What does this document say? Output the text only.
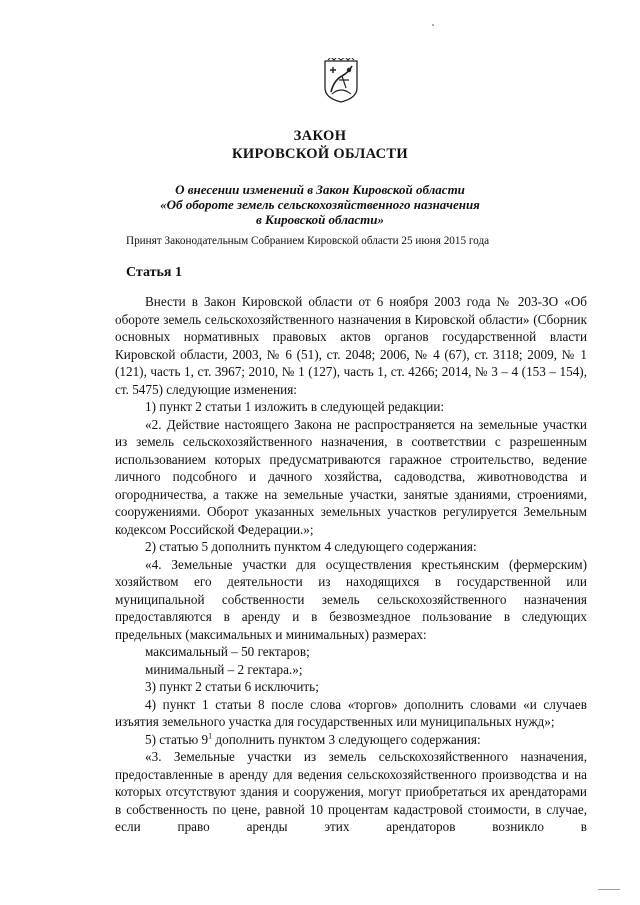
ЗАКОН
КИРОВСКОЙ ОБЛАСТИ
О внесении изменений в Закон Кировской области
«Об обороте земель сельскохозяйственного назначения
в Кировской области»
Принят Законодательным Собранием Кировской области 25 июня 2015 года
Статья 1

Внести в Закон Кировской области от 6 ноября 2003 года № 203-ЗО «Об обороте земель сельскохозяйственного назначения в Кировской области» (Сборник основных нормативных правовых актов органов государственной власти Кировской области, 2003, № 6 (51), ст. 2048; 2006, № 4 (67), ст. 3118; 2009, № 1 (121), часть 1, ст. 3967; 2010, № 1 (127), часть 1, ст. 4266; 2014, № 3 – 4 (153 – 154), ст. 5475) следующие изменения:

1) пункт 2 статьи 1 изложить в следующей редакции:

«2. Действие настоящего Закона не распространяется на земельные участки из земель сельскохозяйственного назначения, в соответствии с разрешенным использованием которых предусматриваются гаражное строительство, ведение личного подсобного и дачного хозяйства, садоводства, животноводства и огородничества, а также на земельные участки, занятые зданиями, строениями, сооружениями. Оборот указанных земельных участков регулируется Земельным кодексом Российской Федерации.»;

2) статью 5 дополнить пунктом 4 следующего содержания:

«4. Земельные участки для осуществления крестьянским (фермерским) хозяйством его деятельности из находящихся в государственной или муниципальной собственности земель сельскохозяйственного назначения предоставляются в аренду и в безвозмездное пользование в следующих предельных (максимальных и минимальных) размерах:

максимальный – 50 гектаров;

минимальный – 2 гектара.»;

3) пункт 2 статьи 6 исключить;

4) пункт 1 статьи 8 после слова «торгов» дополнить словами «и случаев изъятия земельного участка для государственных или муниципальных нужд»;

5) статью $9^1$ дополнить пунктом 3 следующего содержания:

«3. Земельные участки из земель сельскохозяйственного назначения, предоставленные в аренду для ведения сельскохозяйственного производства и на которых отсутствуют здания и сооружения, могут приобретаться их арендаторами в собственность по цене, равной 10 процентам кадастровой стоимости, в случае, если право аренды этих арендаторов возникло в
